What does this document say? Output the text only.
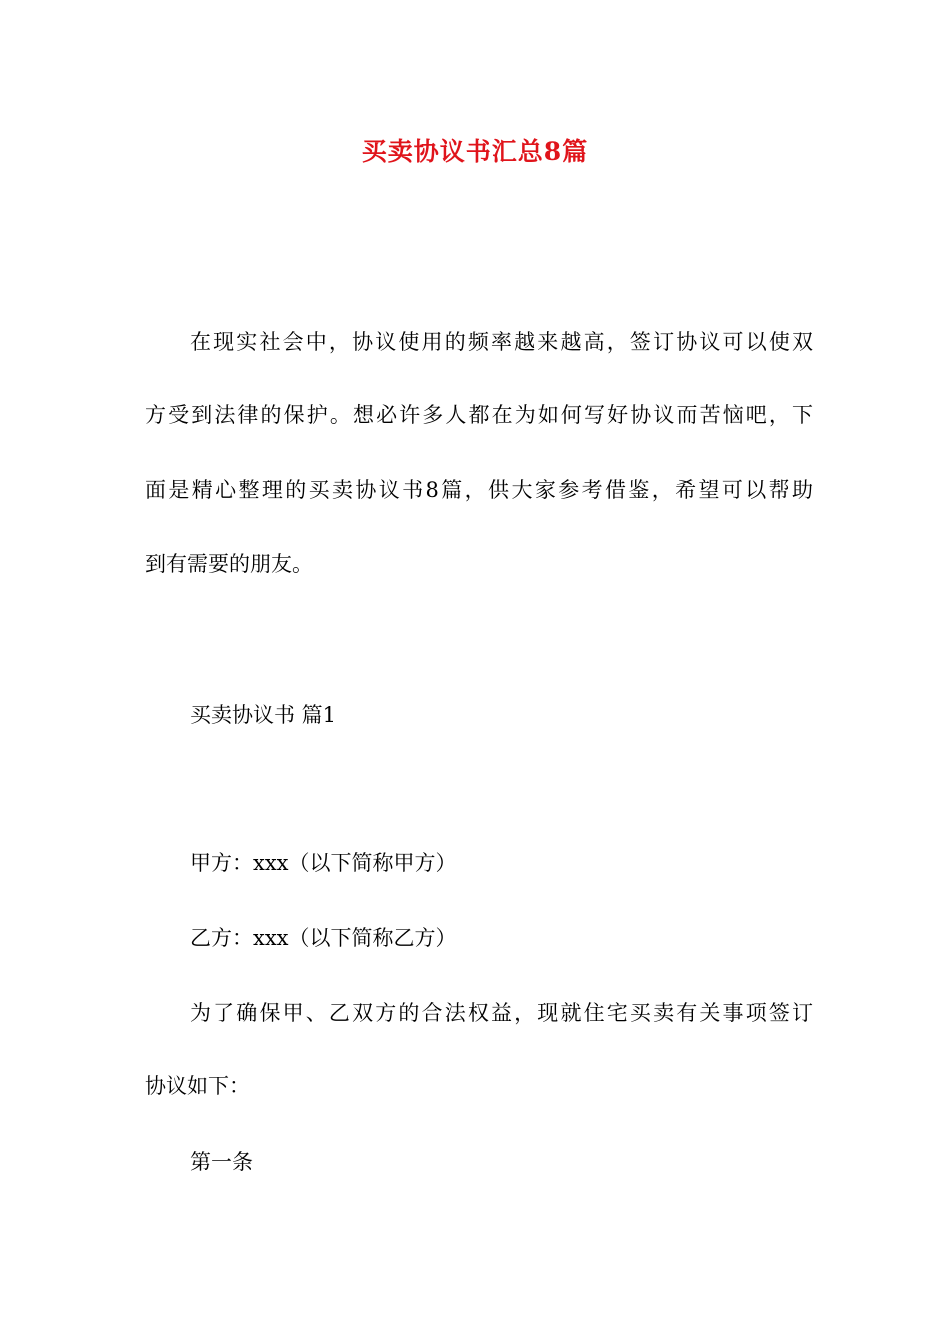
买卖协议书汇总8篇
在现实社会中，协议使用的频率越来越高，签订协议可以使双
方受到法律的保护。想必许多人都在为如何写好协议而苦恼吧，下
面是精心整理的买卖协议书8篇，供大家参考借鉴，希望可以帮助
到有需要的朋友。
买卖协议书 篇1
甲方：xxx（以下简称甲方）
乙方：xxx（以下简称乙方）
为了确保甲、乙双方的合法权益，现就住宅买卖有关事项签订
协议如下：
第一条
